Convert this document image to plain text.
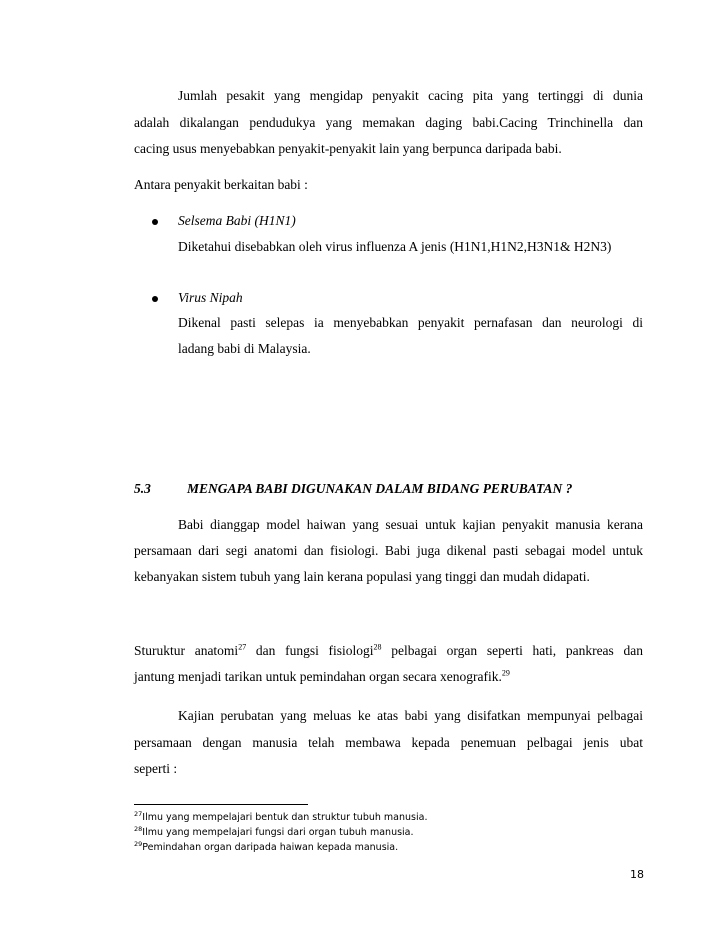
Jumlah pesakit yang mengidap penyakit cacing pita yang tertinggi di dunia
adalah dikalangan pendudukya yang memakan daging babi.Cacing Trinchinella dan
cacing usus menyebabkan penyakit-penyakit lain yang berpunca daripada babi.
Antara penyakit berkaitan babi :
Selsema Babi (H1N1)
Diketahui disebabkan oleh virus influenza A jenis (H1N1,H1N2,H3N1& H2N3)
Virus Nipah
Dikenal pasti selepas ia menyebabkan penyakit pernafasan dan neurologi di
ladang babi di Malaysia.
5.3	MENGAPA BABI DIGUNAKAN DALAM BIDANG PERUBATAN ?
Babi dianggap model haiwan yang sesuai untuk kajian penyakit manusia kerana
persamaan dari segi anatomi dan fisiologi. Babi juga dikenal pasti sebagai model untuk
kebanyakan sistem tubuh yang lain kerana populasi yang tinggi dan mudah didapati.
Sturuktur anatomi$^{27}$ dan fungsi fisiologi$^{28}$ pelbagai organ seperti hati, pankreas dan
jantung menjadi tarikan untuk pemindahan organ secara xenografik.$^{29}$
Kajian perubatan yang meluas ke atas babi yang disifatkan mempunyai pelbagai
persamaan dengan manusia telah membawa kepada penemuan pelbagai jenis ubat
seperti :
$^{27}$Ilmu yang mempelajari bentuk dan struktur tubuh manusia.
$^{28}$Ilmu yang mempelajari fungsi dari organ tubuh manusia.
$^{29}$Pemindahan organ daripada haiwan kepada manusia.
18
